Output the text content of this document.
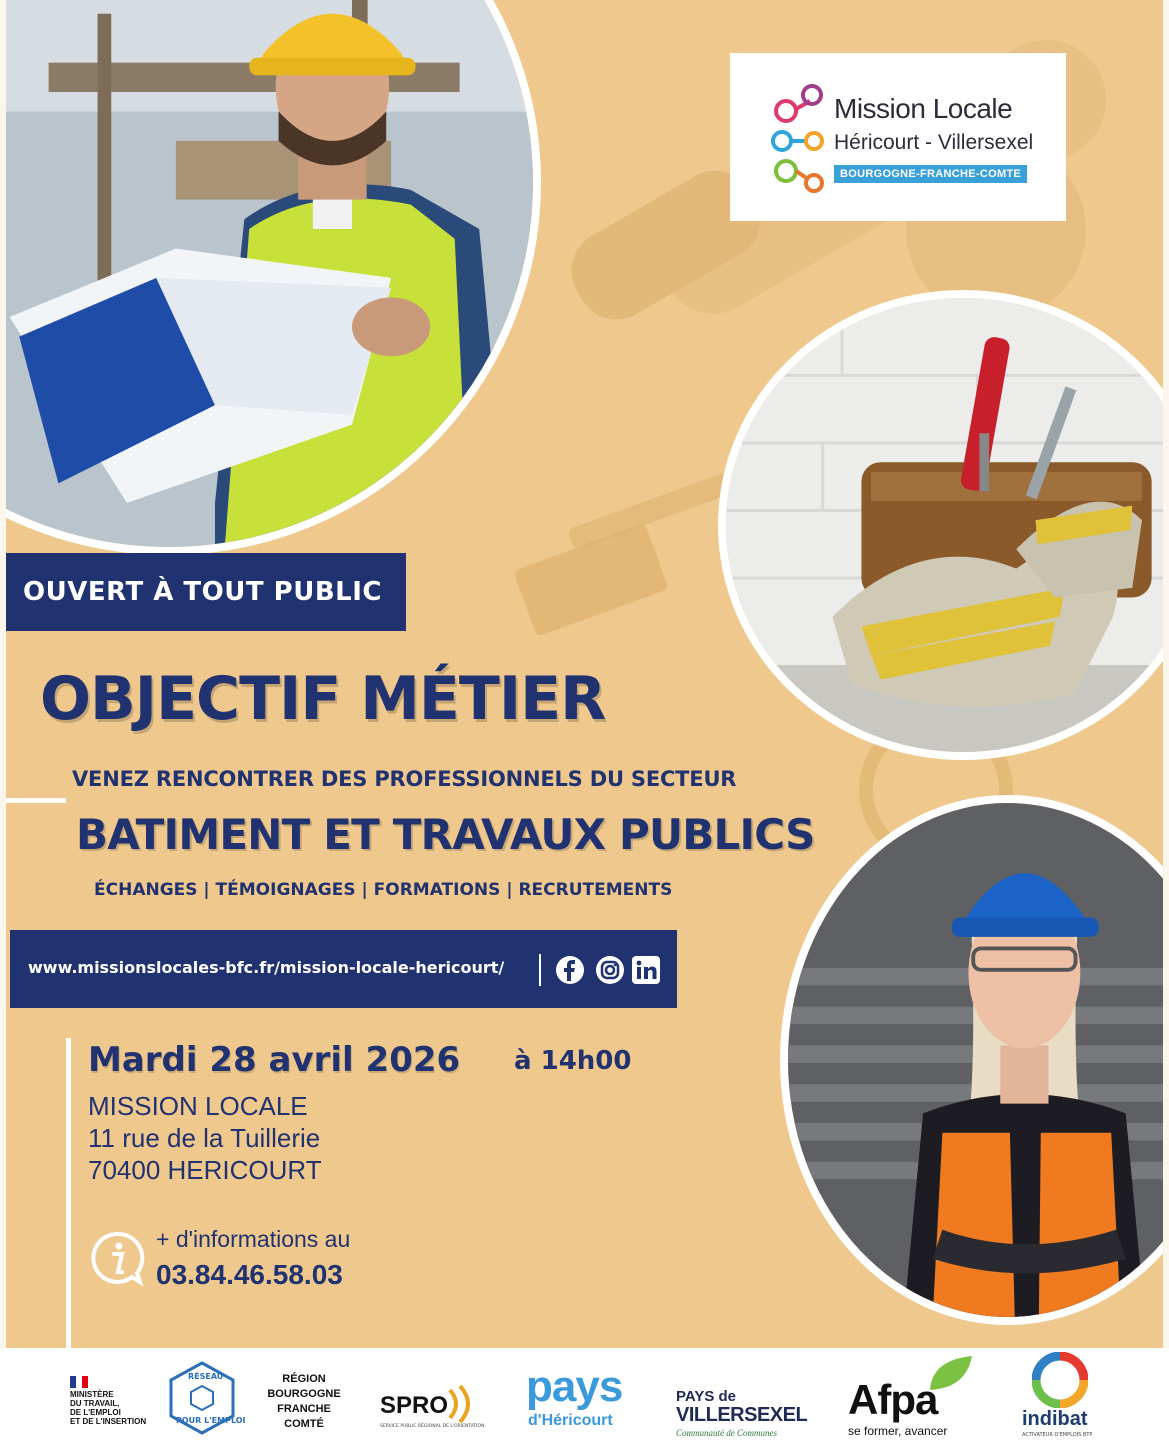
Mission Locale
Héricourt - Villersexel
BOURGOGNE-FRANCHE-COMTE
OUVERT À TOUT PUBLIC
OBJECTIF MÉTIER
VENEZ RENCONTRER DES PROFESSIONNELS DU SECTEUR
BATIMENT ET TRAVAUX PUBLICS
ÉCHANGES | TÉMOIGNAGES | FORMATIONS | RECRUTEMENTS
www.missionslocales-bfc.fr/mission-locale-hericourt/
Mardi 28 avril 2026 à 14h00
MISSION LOCALE
11 rue de la Tuillerie
70400 HERICOURT
+ d'informations au
03.84.46.58.03
MINISTÈRE
DU TRAVAIL,
DE L'EMPLOI
ET DE L'INSERTION
RÉSEAU
POUR L'EMPLOI
RÉGION
BOURGOGNE
FRANCHE
COMTÉ
SPRO
SERVICE PUBLIC RÉGIONAL DE L'ORIENTATION
pays
d'Héricourt
PAYS de
VILLERSEXEL
Communauté de Communes
Afpa
se former, avancer
indibat
ACTIVATEUR D'EMPLOIS BTP
